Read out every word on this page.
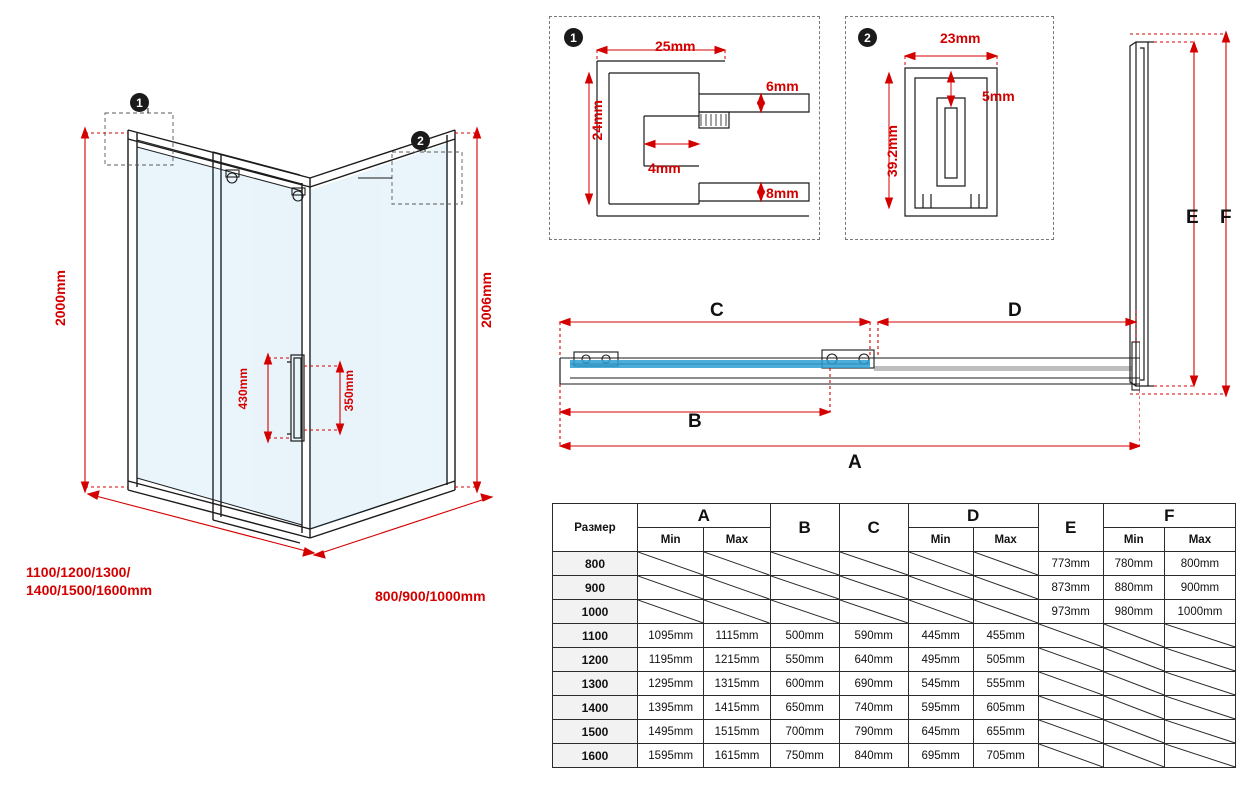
2000mm	2006mm
430mm	350mm
1100/1200/1300/
1400/1500/1600mm	800/900/1000mm
1
2
1
25mm
24mm
4mm
6mm
8mm
2	23mm
5mm
39.2mm
E F
C	D
B
A
Размер	A		B	C	D		E	F	
	Min	Max			Min	Max		Min	Max
800							773mm	780mm	800mm
900							873mm	880mm	900mm
1000							973mm	980mm	1000mm
1100	1095mm	1115mm	500mm	590mm	445mm	455mm	

1200	1195mm	1215mm	550mm	640mm	495mm	505mm	

1300	1295mm	1315mm	600mm	690mm	545mm	555mm	

1400	1395mm	1415mm	650mm	740mm	595mm	605mm	

1500	1495mm	1515mm	700mm	790mm	645mm	655mm	

1600	1595mm	1615mm	750mm	840mm	695mm	705mm	
